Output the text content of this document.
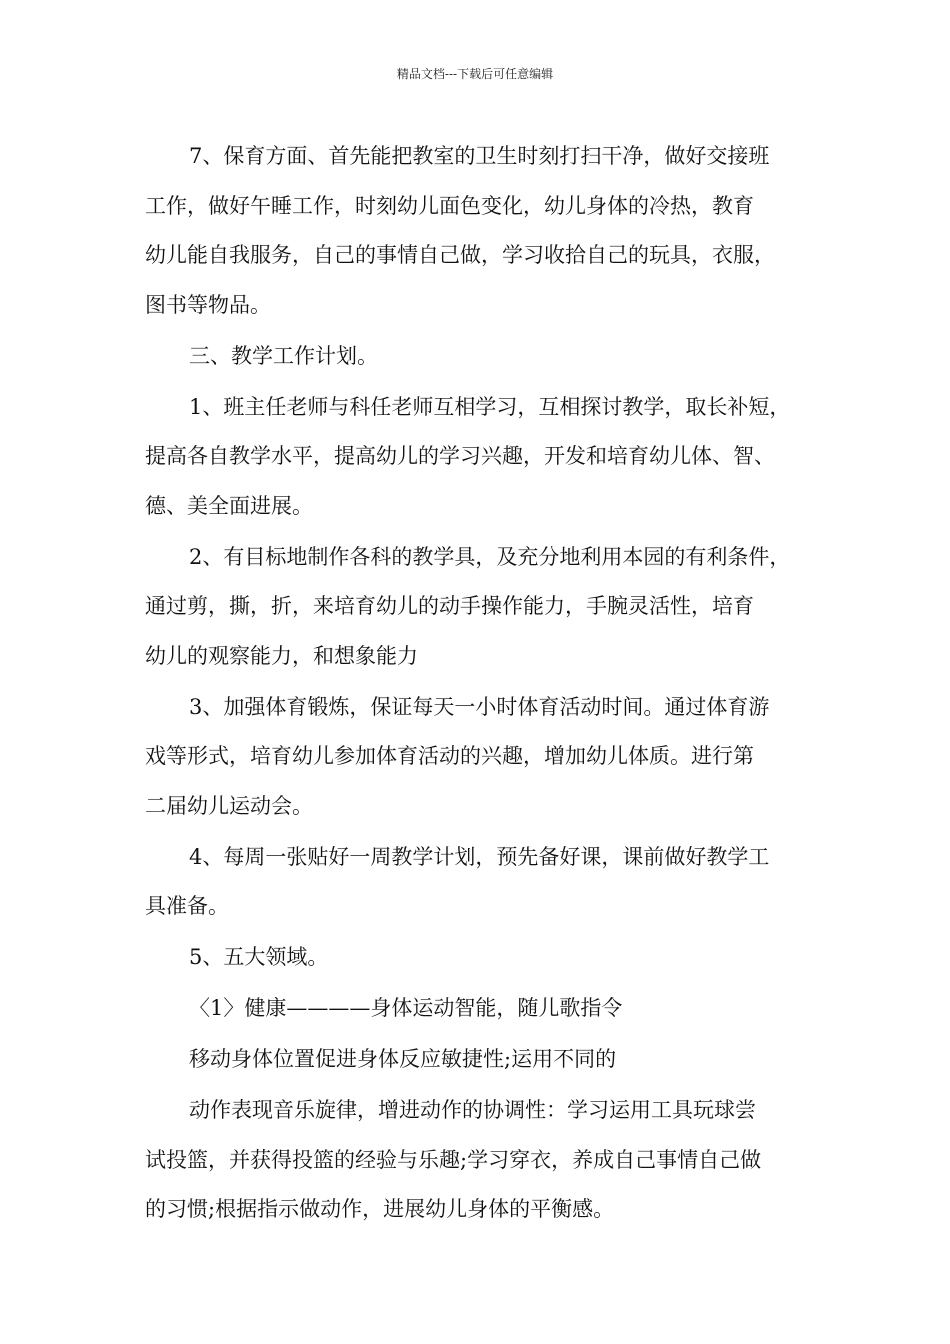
精品文档---下载后可任意编辑
7、保育方面、首先能把教室的卫生时刻打扫干净，做好交接班
工作，做好午睡工作，时刻幼儿面色变化，幼儿身体的冷热，教育
幼儿能自我服务，自己的事情自己做，学习收拾自己的玩具，衣服，
图书等物品。
三、教学工作计划。
1、班主任老师与科任老师互相学习，互相探讨教学，取长补短，
提高各自教学水平，提高幼儿的学习兴趣，开发和培育幼儿体、智、
德、美全面进展。
2、有目标地制作各科的教学具，及充分地利用本园的有利条件，
通过剪，撕，折，来培育幼儿的动手操作能力，手腕灵活性，培育
幼儿的观察能力，和想象能力
3、加强体育锻炼，保证每天一小时体育活动时间。通过体育游
戏等形式，培育幼儿参加体育活动的兴趣，增加幼儿体质。进行第
二届幼儿运动会。
4、每周一张贴好一周教学计划，预先备好课，课前做好教学工
具准备。
5、五大领域。
〈1〉健康————身体运动智能，随儿歌指令
移动身体位置促进身体反应敏捷性;运用不同的
动作表现音乐旋律，增进动作的协调性：学习运用工具玩球尝
试投篮，并获得投篮的经验与乐趣;学习穿衣，养成自己事情自己做
的习惯;根据指示做动作，进展幼儿身体的平衡感。
